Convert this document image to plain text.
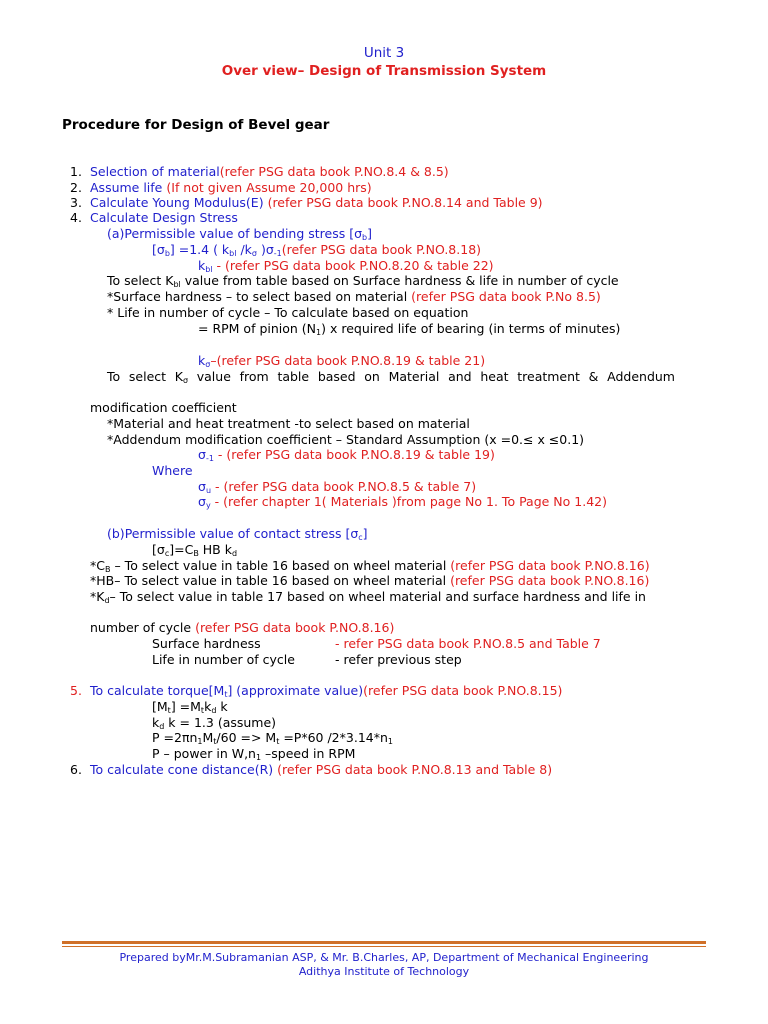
Unit 3
Over view– Design of Transmission System
Procedure for Design of Bevel gear
1. Selection of material(refer PSG data book P.NO.8.4 & 8.5)
2. Assume life (If not given Assume 20,000 hrs)
3. Calculate Young Modulus(E) (refer PSG data book P.NO.8.14 and Table 9)
4. Calculate Design Stress
(a)Permissible value of bending stress $[\sigma_b]$
$[\sigma_b] =1.4$ ( $k_{bl}$ $/k_\sigma$ )$\sigma_{-1}(refer$ PSG data book P.NO.8.18)
$k_{bl}$ - (refer PSG data book P.NO.8.20 & table 22)
To select $K_{bl}$ value from table based on Surface hardness & life in number of cycle
*Surface hardness – to select based on material (refer PSG data book P.No 8.5)
* Life in number of cycle – To calculate based on equation
= RPM of pinion $(N_1)$ x required life of bearing (in terms of minutes)
$k_\sigma-(refer$ PSG data book P.NO.8.19 & table 21)
To select $K_\sigma$ value from table based on Material and heat treatment & Addendum
modification coefficient
*Material and heat treatment -to select based on material
*Addendum modification coefficient – Standard Assumption (x =0.≤ x ≤0.1)
$\sigma_{-1}$ - (refer PSG data book P.NO.8.19 & table 19)
Where
$\sigma_u$ - (refer PSG data book P.NO.8.5 & table 7)
$\sigma_y$ - (refer chapter 1( Materials )from page No 1. To Page No 1.42)
(b)Permissible value of contact stress $[\sigma_c]$
$[\sigma_c]=C_B$ HB $k_d$
$*C_B$ – To select value in table 16 based on wheel material (refer PSG data book P.NO.8.16)
*HB– To select value in table 16 based on wheel material (refer PSG data book P.NO.8.16)
$*K_d-$ To select value in table 17 based on wheel material and surface hardness and life in
number of cycle (refer PSG data book P.NO.8.16)
Surface hardness	- refer PSG data book P.NO.8.5 and Table 7
Life in number of cycle	- refer previous step
5. To calculate $torque[M_t]$ (approximate value)(refer PSG data book P.NO.8.15)
$[M_t] =M_tk_d$ k
$k_d$ k = 1.3 (assume)
$P =2\pi n_1M_t/60 => M_t =P*60$ $/2*3.14*n_1$
P – power in $W,n_1$ –speed in RPM
6. To calculate cone distance(R) (refer PSG data book P.NO.8.13 and Table 8)
Prepared byMr.M.Subramanian ASP, & Mr. B.Charles, AP, Department of Mechanical Engineering
Adithya Institute of Technology
